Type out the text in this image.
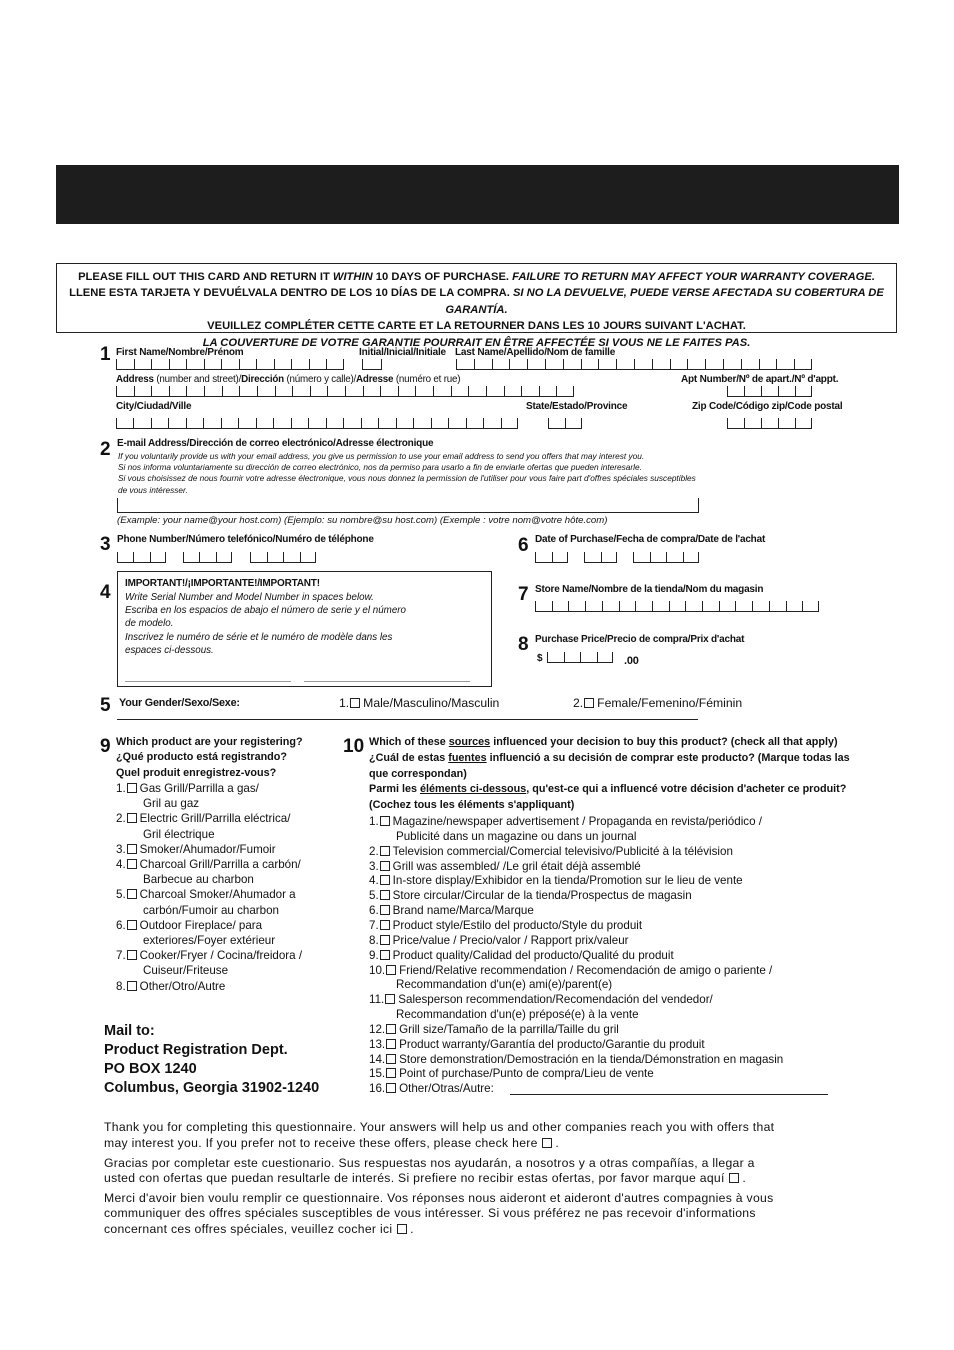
PLEASE FILL OUT THIS CARD AND RETURN IT WITHIN 10 DAYS OF PURCHASE. FAILURE TO RETURN MAY AFFECT YOUR WARRANTY COVERAGE.
LLENE ESTA TARJETA Y DEVUÉLVALA DENTRO DE LOS 10 DÍAS DE LA COMPRA. SI NO LA DEVUELVE, PUEDE VERSE AFECTADA SU COBERTURA DE GARANTÍA.
VEUILLEZ COMPLÉTER CETTE CARTE ET LA RETOURNER DANS LES 10 JOURS SUIVANT L'ACHAT.
LA COUVERTURE DE VOTRE GARANTIE POURRAIT EN ÊTRE AFFECTÉE SI VOUS NE LE FAITES PAS.
1 First Name/Nombre/Prénom	Initial/Inicial/Initiale Last Name/Apellido/Nom de famille
Address (number and street)/Dirección (número y calle)/Adresse (numéro et rue)	Apt Number/Nº de apart./Nº d'appt.
City/Ciudad/Ville	State/Estado/Province	Zip Code/Código zip/Code postal
2 E-mail Address/Dirección de correo electrónico/Adresse électronique
If you voluntarily provide us with your email address, you give us permission to use your email address to send you offers that may interest you.
Si nos informa voluntariamente su dirección de correo electrónico, nos da permiso para usarlo a fin de enviarle ofertas que pueden interesarle.
Si vous choisissez de nous fournir votre adresse électronique, vous nous donnez la permission de l'utiliser pour vous faire part d'offres spéciales susceptibles
de vous intéresser.
(Example: your name@your host.com) (Ejemplo: su nombre@su host.com) (Exemple : votre nom@votre hôte.com)
3 Phone Number/Número telefónico/Numéro de téléphone
4 IMPORTANT!/¡IMPORTANTE!/IMPORTANT!
Write Serial Number and Model Number in spaces below.
Escriba en los espacios de abajo el número de serie y el número
de modelo.
Inscrivez le numéro de série et le numéro de modèle dans les
espaces ci-dessous.
6 Date of Purchase/Fecha de compra/Date de l'achat
7 Store Name/Nombre de la tienda/Nom du magasin
8 Purchase Price/Precio de compra/Prix d'achat
$	.00
5 Your Gender/Sexo/Sexe:	1. Male/Masculino/Masculin	2. Female/Femenino/Féminin
9 Which product are your registering?
¿Qué producto está registrando?
Quel produit enregistrez-vous?
1. Gas Grill/Parrilla a gas/
Gril au gaz
2. Electric Grill/Parrilla eléctrica/
Gril électrique
3. Smoker/Ahumador/Fumoir
4. Charcoal Grill/Parrilla a carbón/
Barbecue au charbon
5. Charcoal Smoker/Ahumador a
carbón/Fumoir au charbon
6. Outdoor Fireplace/ para
exteriores/Foyer extérieur
7. Cooker/Fryer / Cocina/freidora /
Cuiseur/Friteuse
8. Other/Otro/Autre
10 Which of these sources influenced your decision to buy this product? (check all that apply)
¿Cuál de estas fuentes influenció a su decisión de comprar este producto? (Marque todas las
que correspondan)
Parmi les éléments ci-dessous, qu'est-ce qui a influencé votre décision d'acheter ce produit?
(Cochez tous les éléments s'appliquant)
1. Magazine/newspaper advertisement / Propaganda en revista/periódico /
Publicité dans un magazine ou dans un journal
2. Television commercial/Comercial televisivo/Publicité à la télévision
3. Grill was assembled/ /Le gril était déjà assemblé
4. In-store display/Exhibidor en la tienda/Promotion sur le lieu de vente
5. Store circular/Circular de la tienda/Prospectus de magasin
6. Brand name/Marca/Marque
7. Product style/Estilo del producto/Style du produit
8. Price/value / Precio/valor / Rapport prix/valeur
9. Product quality/Calidad del producto/Qualité du produit
10. Friend/Relative recommendation / Recomendación de amigo o pariente /
Recommandation d'un(e) ami(e)/parent(e)
11. Salesperson recommendation/Recomendación del vendedor/
Recommandation d'un(e) préposé(e) à la vente
12. Grill size/Tamaño de la parrilla/Taille du gril
13. Product warranty/Garantía del producto/Garantie du produit
14. Store demonstration/Demostración en la tienda/Démonstration en magasin
15. Point of purchase/Punto de compra/Lieu de vente
16. Other/Otras/Autre:
Mail to:
Product Registration Dept.
PO BOX 1240
Columbus, Georgia 31902-1240
Thank you for completing this questionnaire. Your answers will help us and other companies reach you with offers that
may interest you. If you prefer not to receive these offers, please check here .
Gracias por completar este cuestionario. Sus respuestas nos ayudarán, a nosotros y a otras compañías, a llegar a
usted con ofertas que puedan resultarle de interés. Si prefiere no recibir estas ofertas, por favor marque aquí .
Merci d'avoir bien voulu remplir ce questionnaire. Vos réponses nous aideront et aideront d'autres compagnies à vous
communiquer des offres spéciales susceptibles de vous intéresser. Si vous préférez ne pas recevoir d'informations
concernant ces offres spéciales, veuillez cocher ici .
